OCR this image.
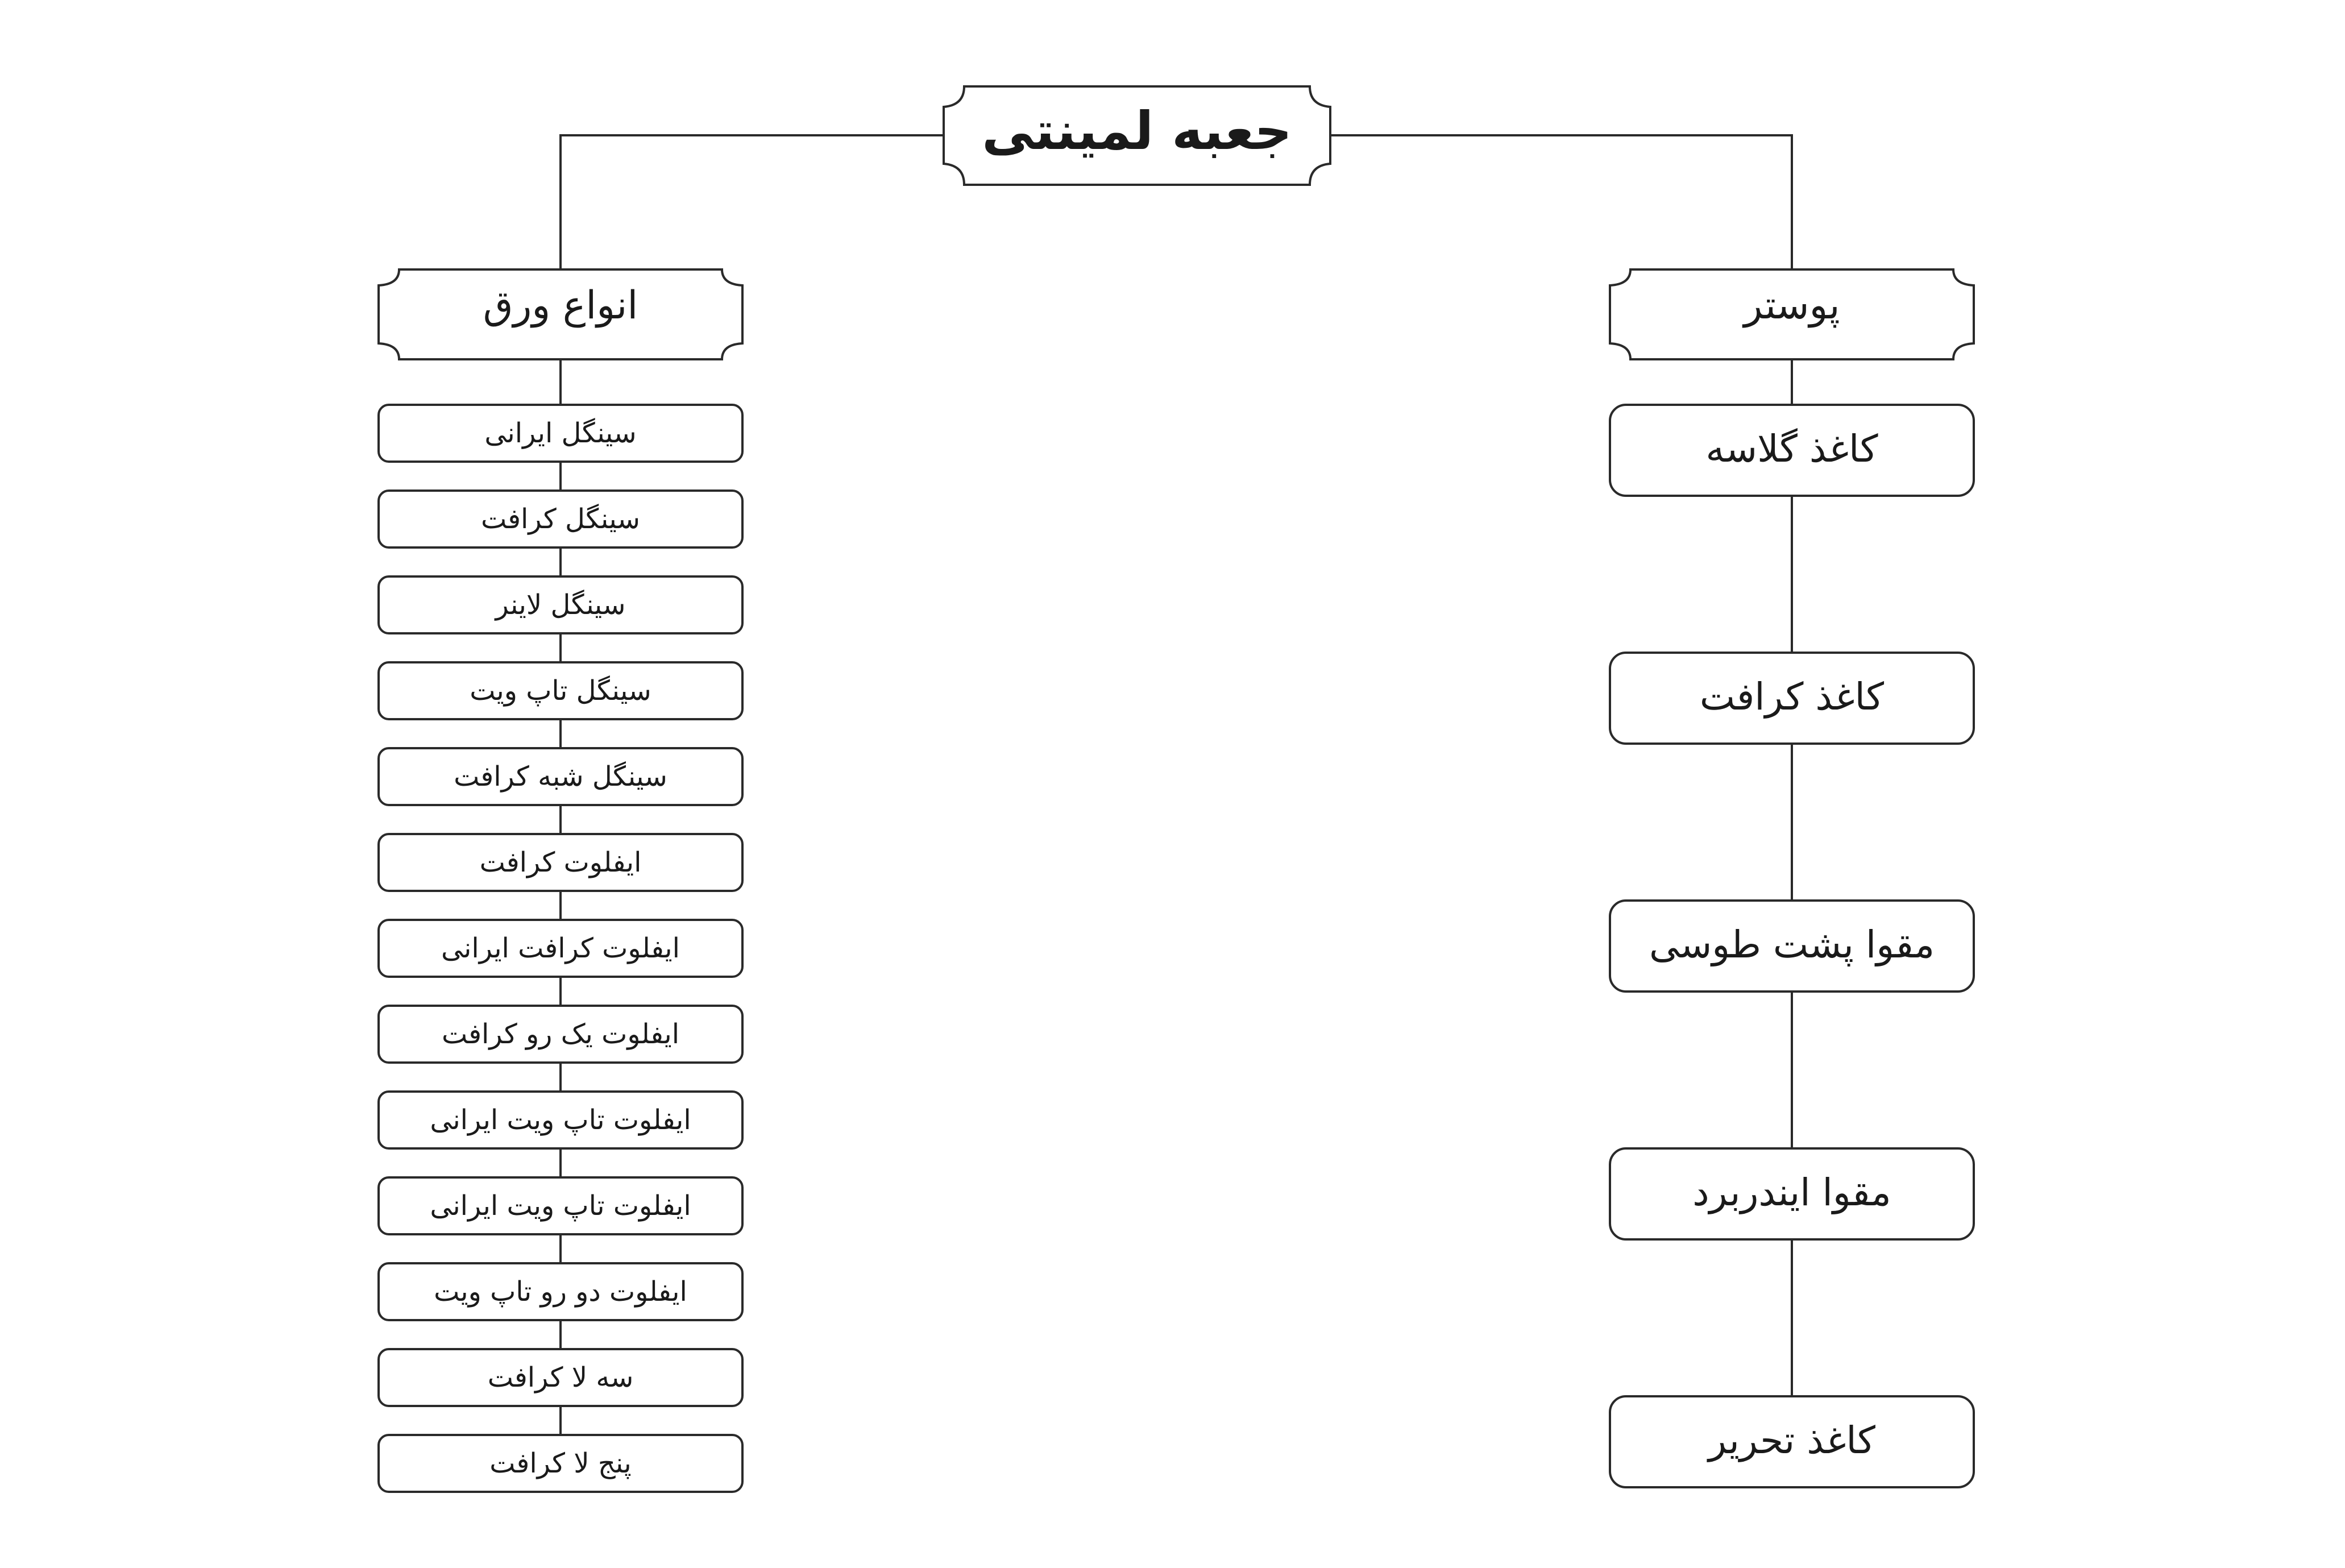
جعبه لمینتی
انواع ورق	پوستر
سینگل ایرانی
سینگل کرافت
سینگل لاینر
سینگل تاپ ویت
سینگل شبه کرافت
ایفلوت کرافت
ایفلوت کرافت ایرانی
ایفلوت یک رو کرافت
ایفلوت تاپ ویت ایرانی
ایفلوت تاپ ویت ایرانی
ایفلوت دو رو تاپ ویت
سه لا کرافت
پنج لا کرافت
کاغذ گلاسه
کاغذ کرافت
مقوا پشت طوسی
مقوا ایندربرد
کاغذ تحریر
